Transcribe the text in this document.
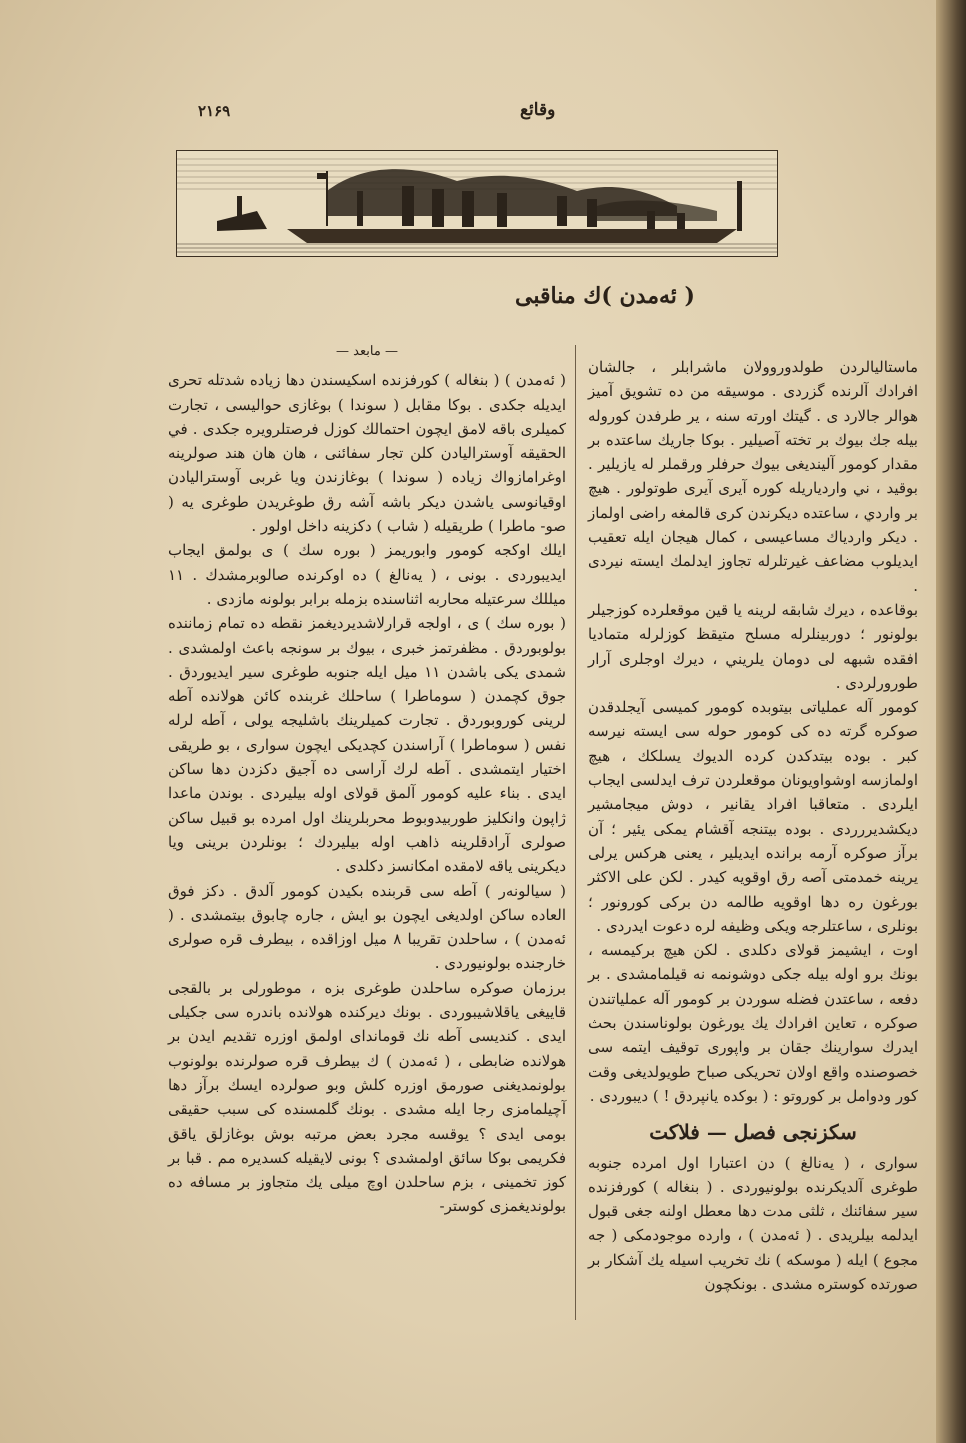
۲۱۶۹	وقائع
( ئەمدن )ك مناقبى

ماستاليالردن طولدوروولان ماشرابلر ، جالشان افرادك آلرنده گزردى . موسيقه من ده تشويق آميز هوالر جالارد ى . گيتك اورته سنه ، ير طرفدن كوروله بيله جك بيوك بر تخته آصيلير . بوكا جاريك ساعتده بر مقدار كومور آلينديغى بيوك حرفلر ورقملر له يازيلير . بوقيد ، ني واردياريله كوره آيرى آيرى طوتولور . هيچ بر واردي ، ساعتده ديكرندن كرى قالمغه راضى اولماز . ديكر واردياك مساعيسى ، كمال هيجان ايله تعقيب ايديلوب مضاعف غيرتلرله تجاوز ايدلمك ايسته نيردى .

بوقاعده ، ديرك شابقه لرينه يا قين موقعلرده كوزجيلر بولونور ؛ دوربينلرله مسلح متيقظ كوزلرله متماديا افقده شبهه لى دومان يلريني ، ديرك اوجلرى آرار طورورلردى .

كومور آله عملياتى بيتوبده كومور كميسى آيجلدقدن صوكره گرته ده كى كومور حوله سى ايسته نيرسه كبر . بوده بيتدكدن كرده الديوك يسلكك ، هيچ اولمازسه اوشواويونان موقعلردن ترف ايدلسى ايجاب ايلردى . متعاقبا افراد يقانير ، دوش ميجامشير ديكشديررردى . بوده بيتنجه آقشام يمكى يئير ؛ آن برآز صوكره آرمه برانده ايديلير ، يعنى هركس يرلى يرينه خمدمتى آصه رق اوقويه كيدر . لكن على الاكثر بورغون ره دها اوقويه طالمه دن بركى كورونور ؛ بونلرى ، ساعتلرجه ويكى وظيفه لره دعوت ايدردى .

اوت ، ايشيمز قولاى دكلدى . لكن هيچ بركيمسه ، بونك برو اوله بيله جكى دوشونمه نه قيلمامشدى . بر دفعه ، ساعتدن فضله سوردن بر كومور آله عملياتندن صوكره ، تعاين افرادك يك يورغون بولوناسندن بحث ايدرك سوارينك جقان بر واپورى توقيف ايتمه سى خصوصنده واقع اولان تحريكى صباح طويولديغى وقت كور ودوامل بر كوروتو : ( بوكده يانپردق ! ) ديبوردى .

سكزنجى فصل — فلاكت

سوارى ، ( يەنالغ ) دن اعتبارا اول امرده جنوبه طوغرى آلديكرنده بولونيوردى . ( بنغاله ) كورفزنده سير سفائنك ، ثلثى مدت دها معطل اولنه جغى قبول ايدلمه بيلريدى . ( ئەمدن ) ، وارده موجودمكى ( جه مجوع ) ايله ( موسكه ) نك تخريب اسيله يك آشكار بر صورتده كوستره مشدى . بونكچون

— مابعد —

( ئەمدن ) ( بنغاله ) كورفزنده اسكيسندن دها زياده شدتله تحرى ايديله جكدى . بوكا مقابل ( سوندا ) بوغازى حواليسى ، تجارت كميلرى باقه لامق ايچون احتمالك كوزل فرصتلرويره جكدى . في الحقيقه آوستراليادن كلن تجار سفائنى ، هان هان هند صولرينه اوغرامازواك زياده ( سوندا ) بوغازندن ويا غربى آوستراليادن اوقيانوسى ياشدن ديكر باشه آشه رق طوغريدن طوغرى يه ( صو- ماطرا ) طريقيله ( شاب ) دكزينه داخل اولور .

ايلك اوكجه كومور وابوريمز ( بوره سك ) ى بولمق ايجاب ايديبوردى . بونى ، ( يەنالغ ) ده اوكرنده صالوبرمشدك . ۱۱ ميللك سرعتيله محاربه اثناسنده بزمله برابر بولونه مازدى .

( بوره سك ) ى ، اولجه قرارلاشديرديغمز نقطه ده تمام زماننده بولوبوردق . مظفرتمز خبرى ، بيوك بر سونجه باعث اولمشدى . شمدى يكى باشدن ۱۱ ميل ايله جنوبه طوغرى سير ايديوردق . جوق كچمدن ( سوماطرا ) ساحلك غربنده كائن هولانده آطه لرينى كوروبوردق . تجارت كميلرينك باشليجه يولى ، آطه لرله نفس ( سوماطرا ) آراسندن كچديكى ايچون سوارى ، بو طريقى اختيار ايتمشدى . آطه لرك آراسى ده آجيق دكزدن دها ساكن ايدى . بناء عليه كومور آلمق قولاى اوله بيليردى . بوندن ماعدا ژاپون وانكليز طوربيدوبوط محربلرينك اول امرده بو قبيل ساكن صولرى آرادقلرينه ذاهب اوله بيليردك ؛ بونلردن برينى ويا ديكرينى ياقه لامقده امكانسز دكلدى .

( سيالونەر ) آطه سى قربنده بكيدن كومور آلدق . دكز فوق العاده ساكن اولديغى ايچون بو ايش ، جاره چابوق بيتمشدى . ( ئەمدن ) ، ساحلدن تقريبا ۸ ميل اوزاقده ، بيطرف قره صولرى خارجنده بولونيوردى .

برزمان صوكره ساحلدن طوغرى بزه ، موطورلى بر بالقجى قاييغى ياقلاشيبوردى . بونك ديركنده هولانده باندره سى جكيلى ايدى . كنديسى آطه نك قومانداى اولمق اوزره تقديم ايدن بر هولانده ضابطى ، ( ئەمدن ) ك بيطرف قره صولرنده بولونوب بولونمديغنى صورمق اوزره كلش وبو صولرده ايسك برآز دها آچيلمامزى رجا ايله مشدى . بونك گلمسنده كى سبب حقيقى بومى ايدى ؟ يوقسه مجرد بعض مرتبه بوش بوغازلق ياقق فكريمى بوكا سائق اولمشدى ؟ بونى لايقيله كسديره مم . قبا بر كوز تخمينى ، بزم ساحلدن اوچ ميلى يك متجاوز بر مسافه ده بولونديغمزى كوستر-
